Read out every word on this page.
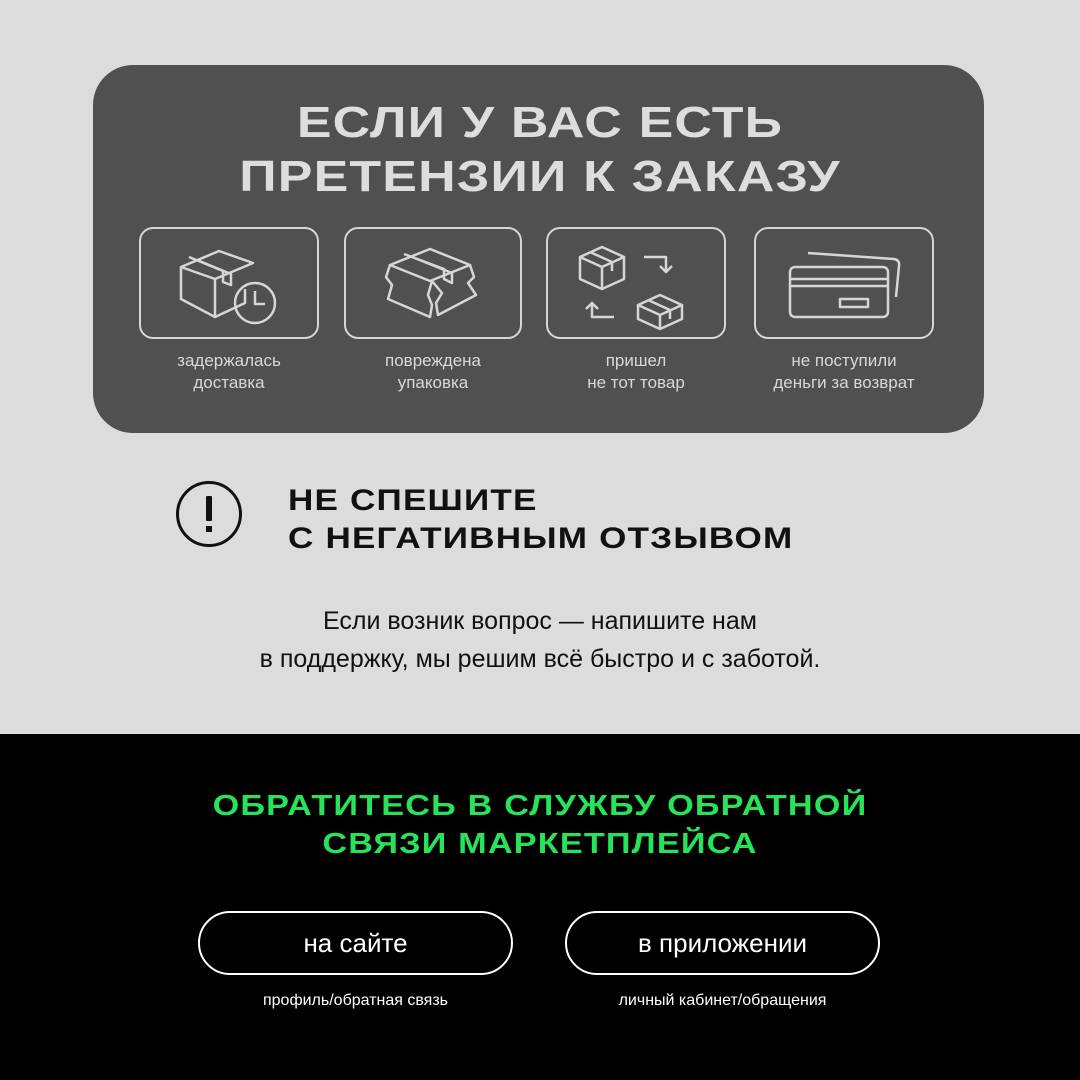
ЕСЛИ У ВАС ЕСТЬ
ПРЕТЕНЗИИ К ЗАКАЗУ
задержалась
доставка
повреждена
упаковка
пришел
не тот товар
не поступили
деньги за возврат
НЕ СПЕШИТЕ
С НЕГАТИВНЫМ ОТЗЫВОМ
Если возник вопрос — напишите нам
в поддержку, мы решим всё быстро и с заботой.
ОБРАТИТЕСЬ В СЛУЖБУ ОБРАТНОЙ
СВЯЗИ МАРКЕТПЛЕЙСА
на сайте
профиль/обратная связь
в приложении
личный кабинет/обращения
